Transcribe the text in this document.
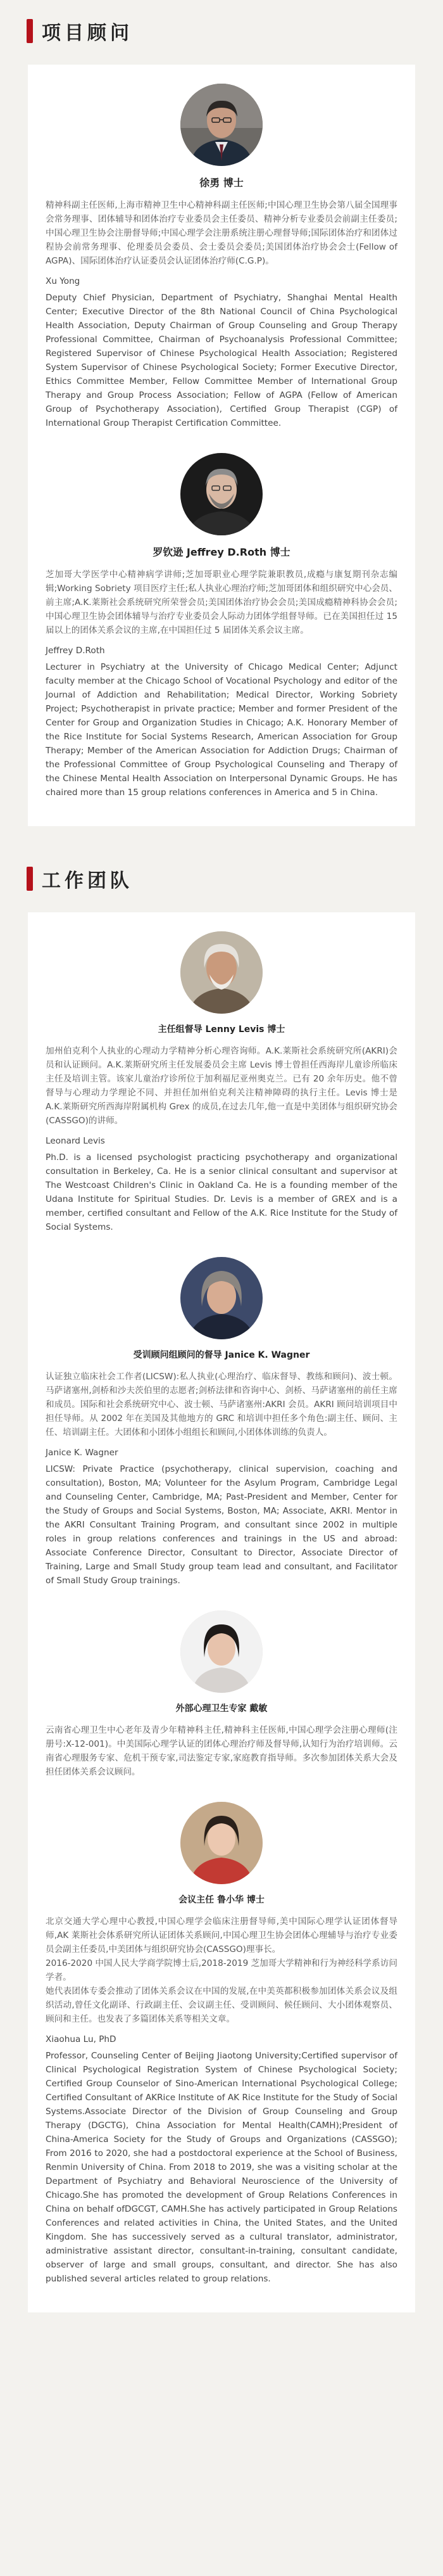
项目顾问
徐勇 博士

精神科副主任医师,上海市精神卫生中心精神科副主任医师;中国心理卫生协会第八届全国理事会常务理事、团体辅导和团体治疗专业委员会主任委员、精神分析专业委员会前副主任委员;中国心理卫生协会注册督导师;中国心理学会注册系统注册心理督导师;国际团体治疗和团体过程协会前常务理事、伦理委员会委员、会士委员会委员;美国团体治疗协会会士(Fellow of AGPA)、国际团体治疗认证委员会认证团体治疗师(C.G.P)。

Xu Yong

Deputy Chief Physician, Department of Psychiatry, Shanghai Mental Health Center; Executive Director of the 8th National Council of China Psychological Health Association, Deputy Chairman of Group Counseling and Group Therapy Professional Committee, Chairman of Psychoanalysis Professional Committee; Registered Supervisor of Chinese Psychological Health Association; Registered System Supervisor of Chinese Psychological Society; Former Executive Director, Ethics Committee Member, Fellow Committee Member of International Group Therapy and Group Process Association; Fellow of AGPA (Fellow of American Group of Psychotherapy Association), Certified Group Therapist (CGP) of International Group Therapist Certification Committee.

罗钦逊 Jeffrey D.Roth 博士

芝加哥大学医学中心精神病学讲师;芝加哥职业心理学院兼职教员,成瘾与康复期刊杂志编辑;Working Sobriety 项目医疗主任;私人执业心理治疗师;芝加哥团体和组织研究中心会员、前主席;A.K.莱斯社会系统研究所荣誉会员;美国团体治疗协会会员;美国成瘾精神科协会会员;中国心理卫生协会团体辅导与治疗专业委员会人际动力团体学组督导师。已在美国担任过 15 届以上的团体关系会议的主席,在中国担任过 5 届团体关系会议主席。

Jeffrey D.Roth

Lecturer in Psychiatry at the University of Chicago Medical Center; Adjunct faculty member at the Chicago School of Vocational Psychology and editor of the Journal of Addiction and Rehabilitation; Medical Director, Working Sobriety Project; Psychotherapist in private practice; Member and former President of the Center for Group and Organization Studies in Chicago; A.K. Honorary Member of the Rice Institute for Social Systems Research, American Association for Group Therapy; Member of the American Association for Addiction Drugs; Chairman of the Professional Committee of Group Psychological Counseling and Therapy of the Chinese Mental Health Association on Interpersonal Dynamic Groups. He has chaired more than 15 group relations conferences in America and 5 in China.

工作团队
主任组督导 Lenny Levis 博士

加州伯克利个人执业的心理动力学精神分析心理咨询师。A.K.莱斯社会系统研究所(AKRI)会员和认证顾问。A.K.莱斯研究所主任发展委员会主席 Levis 博士曾担任西海岸儿童诊所临床主任及培训主管。该家儿童治疗诊所位于加利福尼亚州奥克兰。已有 20 余年历史。他不曾督导与心理动力学理论不同、并担任加州伯克利关注精神障碍的执行主任。Levis 博士是 A.K.莱斯研究所西海岸附属机构 Grex 的成员,在过去几年,他一直是中美团体与组织研究协会(CASSGO)的讲师。

Leonard Levis

Ph.D. is a licensed psychologist practicing psychotherapy and organizational consultation in Berkeley, Ca. He is a senior clinical consultant and supervisor at The Westcoast Children's Clinic in Oakland Ca. He is a founding member of the Udana Institute for Spiritual Studies. Dr. Levis is a member of GREX and is a member, certified consultant and Fellow of the A.K. Rice Institute for the Study of Social Systems.

受训顾问组顾问的督导 Janice K. Wagner

认证独立临床社会工作者(LICSW):私人执业(心理治疗、临床督导、教练和顾问)、波士顿。马萨诸塞州,剑桥和沙夫茨伯里的志愿者;剑桥法律和咨询中心、剑桥、马萨诸塞州的前任主席和成员。国际和社会系统研究中心、波士顿、马萨诸塞州:AKRI 会员。AKRI 顾问培训项目中担任导师。从 2002 年在美国及其他地方的 GRC 和培训中担任多个角色:副主任、顾问、主任、培训副主任。大团体和小团体小组组长和顾问,小团体体训练的负责人。

Janice K. Wagner

LICSW: Private Practice (psychotherapy, clinical supervision, coaching and consultation), Boston, MA; Volunteer for the Asylum Program, Cambridge Legal and Counseling Center, Cambridge, MA; Past-President and Member, Center for the Study of Groups and Social Systems, Boston, MA; Associate, AKRI. Mentor in the AKRI Consultant Training Program, and consultant since 2002 in multiple roles in group relations conferences and trainings in the US and abroad: Associate Conference Director, Consultant to Director, Associate Director of Training, Large and Small Study group team lead and consultant, and Facilitator of Small Study Group trainings.

外部心理卫生专家 戴敏

云南省心理卫生中心老年及青少年精神科主任,精神科主任医师,中国心理学会注册心理师(注册号:X-12-001)。中美国际心理学认证的团体心理治疗师及督导师,认知行为治疗培训师。云南省心理服务专家、危机干预专家,司法鉴定专家,家庭教育指导师。多次参加团体关系大会及担任团体关系会议顾问。

会议主任 鲁小华 博士

北京交通大学心理中心教授,中国心理学会临床注册督导师,美中国际心理学认证团体督导师,AK 莱斯社会体系研究所认证团体关系顾问,中国心理卫生协会团体心理辅导与治疗专业委员会副主任委员,中美团体与组织研究协会(CASSGO)理事长。
2016-2020 中国人民大学商学院博士后,2018-2019 芝加哥大学精神和行为神经科学系访问学者。
她代表团体专委会推动了团体关系会议在中国的发展,在中美英都积极参加团体关系会议及组织活动,曾任文化副译、行政副主任、会议副主任、受训顾问、候任顾问、大小团体观察员、顾问和主任。也发表了多篇团体关系等相关文章。

Xiaohua Lu, PhD

Professor, Counseling Center of Beijing Jiaotong University;Certified supervisor of Clinical Psychological Registration System of Chinese Psychological Society; Certified Group Counselor of Sino-American International Psychological College; Certified Consultant of AKRice Institute of AK Rice Institute for the Study of Social Systems.Associate Director of the Division of Group Counseling and Group Therapy (DGCTG), China Association for Mental Health(CAMH);President of China-America Society for the Study of Groups and Organizations (CASSGO); From 2016 to 2020, she had a postdoctoral experience at the School of Business, Renmin University of China. From 2018 to 2019, she was a visiting scholar at the Department of Psychiatry and Behavioral Neuroscience of the University of Chicago.She has promoted the development of Group Relations Conferences in China on behalf ofDGCGT, CAMH.She has actively participated in Group Relations Conferences and related activities in China, the United States, and the United Kingdom. She has successively served as a cultural translator, administrator, administrative assistant director, consultant-in-training, consultant candidate, observer of large and small groups, consultant, and director. She has also published several articles related to group relations.
